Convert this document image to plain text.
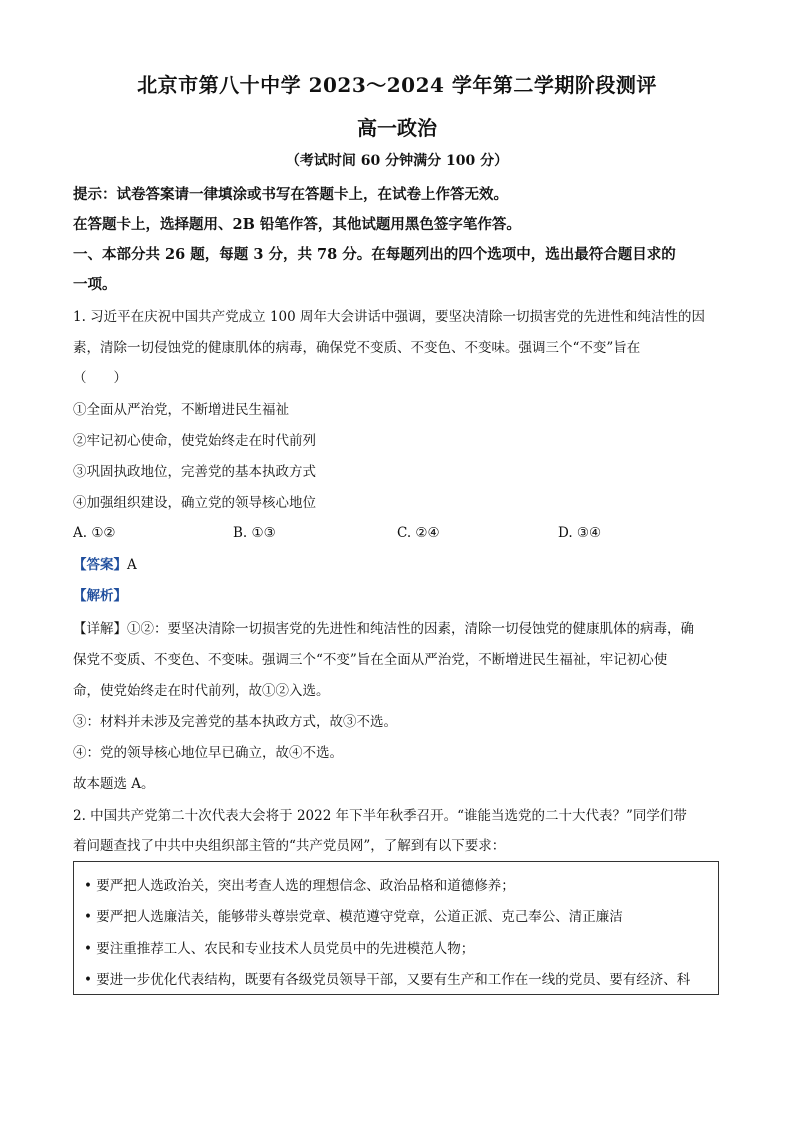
北京市第八十中学 2023～2024 学年第二学期阶段测评
高一政治
（考试时间 60 分钟满分 100 分）
提示：试卷答案请一律填涂或书写在答题卡上，在试卷上作答无效。
在答题卡上，选择题用、2B 铅笔作答，其他试题用黑色签字笔作答。
一、本部分共 26 题，每题 3 分，共 78 分。在每题列出的四个选项中，选出最符合题目求的
一项。
1. 习近平在庆祝中国共产党成立 100 周年大会讲话中强调，要坚决清除一切损害党的先进性和纯洁性的因
素，清除一切侵蚀党的健康肌体的病毒，确保党不变质、不变色、不变味。强调三个“不变”旨在
（　　）
①全面从严治党，不断增进民生福祉
②牢记初心使命，使党始终走在时代前列
③巩固执政地位，完善党的基本执政方式
④加强组织建设，确立党的领导核心地位
A. ①②	B. ①③	C. ②④	D. ③④
【答案】A
【解析】
【详解】①②：要坚决清除一切损害党的先进性和纯洁性的因素，清除一切侵蚀党的健康肌体的病毒，确
保党不变质、不变色、不变味。强调三个“不变”旨在全面从严治党，不断增进民生福祉，牢记初心使
命，使党始终走在时代前列，故①②入选。
③：材料并未涉及完善党的基本执政方式，故③不选。
④：党的领导核心地位早已确立，故④不选。
故本题选 A。
2. 中国共产党第二十次代表大会将于 2022 年下半年秋季召开。“谁能当选党的二十大代表？”同学们带
着问题查找了中共中央组织部主管的“共产党员网”，了解到有以下要求：
• 要严把人选政治关，突出考查人选的理想信念、政治品格和道德修养；
• 要严把人选廉洁关，能够带头尊崇党章、模范遵守党章，公道正派、克己奉公、清正廉洁
• 要注重推荐工人、农民和专业技术人员党员中的先进模范人物；
• 要进一步优化代表结构，既要有各级党员领导干部，又要有生产和工作在一线的党员、要有经济、科
